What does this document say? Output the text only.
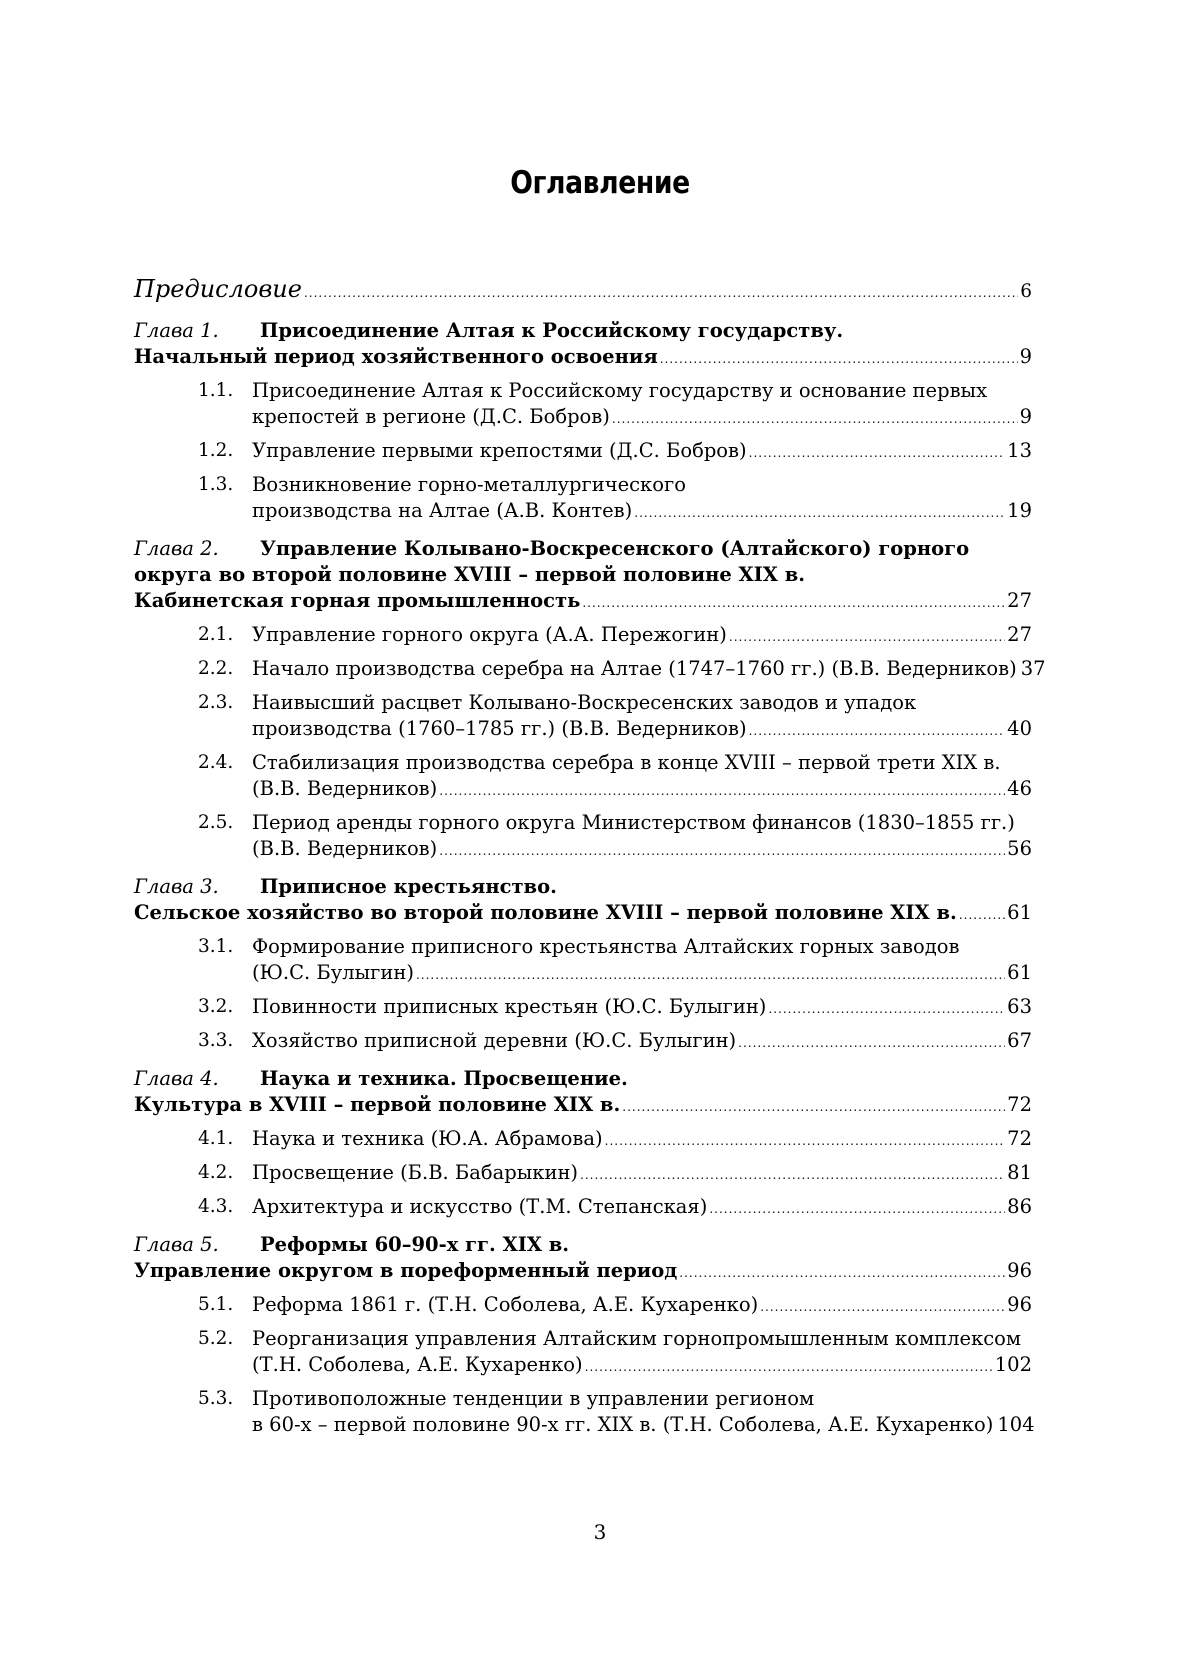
Оглавление
Предисловие .....	6
Глава 1. Присоединение Алтая к Российскому государству.
Начальный период хозяйственного освоения .....	9
1.1. Присоединение Алтая к Российскому государству и основание первых
крепостей в регионе (Д.С. Бобров) .....	9
1.2. Управление первыми крепостями (Д.С. Бобров) .....	13
1.3. Возникновение горно-металлургического
производства на Алтае (А.В. Контев) .....	19
Глава 2. Управление Колывано-Воскресенского (Алтайского) горного
округа во второй половине XVIII – первой половине XIX в.
Кабинетская горная промышленность .....	27
2.1. Управление горного округа (А.А. Пережогин) .....	27
2.2. Начало производства серебра на Алтае (1747–1760 гг.) (В.В. Ведерников) 37
2.3. Наивысший расцвет Колывано-Воскресенских заводов и упадок
производства (1760–1785 гг.) (В.В. Ведерников) .....	40
2.4. Стабилизация производства серебра в конце XVIII – первой трети XIX в.
(В.В. Ведерников) .....	46
2.5. Период аренды горного округа Министерством финансов (1830–1855 гг.)
(В.В. Ведерников) .....	56
Глава 3. Приписное крестьянство.
Сельское хозяйство во второй половине XVIII – первой половине XIX в. .....	61
3.1. Формирование приписного крестьянства Алтайских горных заводов
(Ю.С. Булыгин) .....	61
3.2. Повинности приписных крестьян (Ю.С. Булыгин) .....	63
3.3. Хозяйство приписной деревни (Ю.С. Булыгин) .....	67
Глава 4. Наука и техника. Просвещение.
Культура в XVIII – первой половине XIX в. .....	72
4.1. Наука и техника (Ю.А. Абрамова) .....	72
4.2. Просвещение (Б.В. Бабарыкин) .....	81
4.3. Архитектура и искусство (Т.М. Степанская) .....	86
Глава 5. Реформы 60–90-х гг. XIX в.
Управление округом в пореформенный период .....	96
5.1. Реформа 1861 г. (Т.Н. Соболева, А.Е. Кухаренко) .....	96
5.2. Реорганизация управления Алтайским горнопромышленным комплексом
(Т.Н. Соболева, А.Е. Кухаренко) .....	102
5.3. Противоположные тенденции в управлении регионом
в 60-х – первой половине 90-х гг. XIX в. (Т.Н. Соболева, А.Е. Кухаренко) 104
3
